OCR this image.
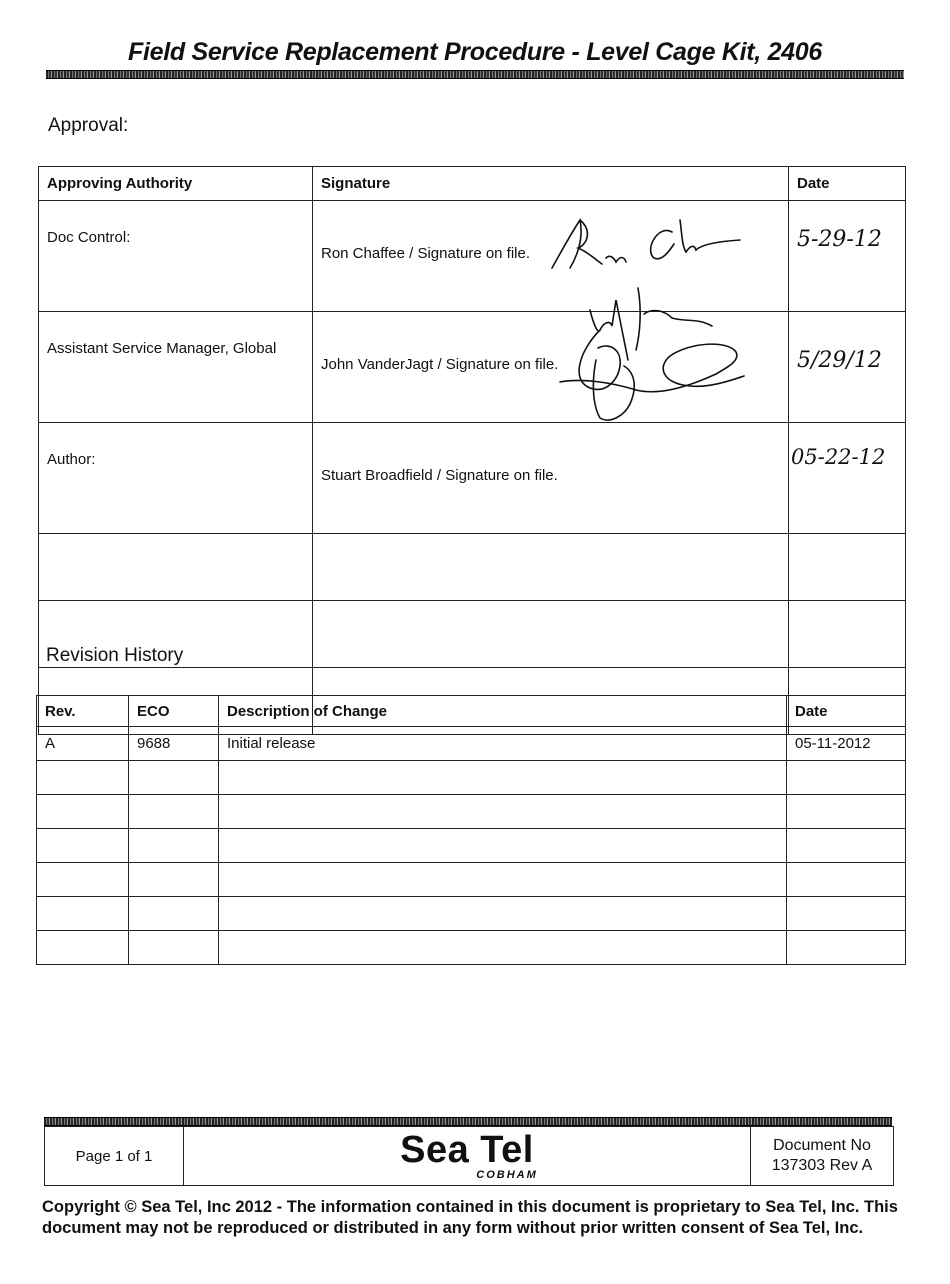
Field Service Replacement Procedure - Level Cage Kit, 2406
Approval:
Approving Authority	Signature	Date
Doc Control:	Ron Chaffee / Signature on file.	5-29-12
Assistant Service Manager, Global	John VanderJagt / Signature on file.	5/29/12
Author:	Stuart Broadfield / Signature on file.	05-22-12

Revision History
Rev.	ECO	Description of Change	Date
A	9688	Initial release	05-11-2012

Page 1 of 1	Sea Tel
COBHAM
Document No
137303 Rev A
Copyright © Sea Tel, Inc 2012 - The information contained in this document is proprietary to Sea Tel, Inc. This document may not be reproduced or distributed in any form without prior written consent of Sea Tel, Inc.
